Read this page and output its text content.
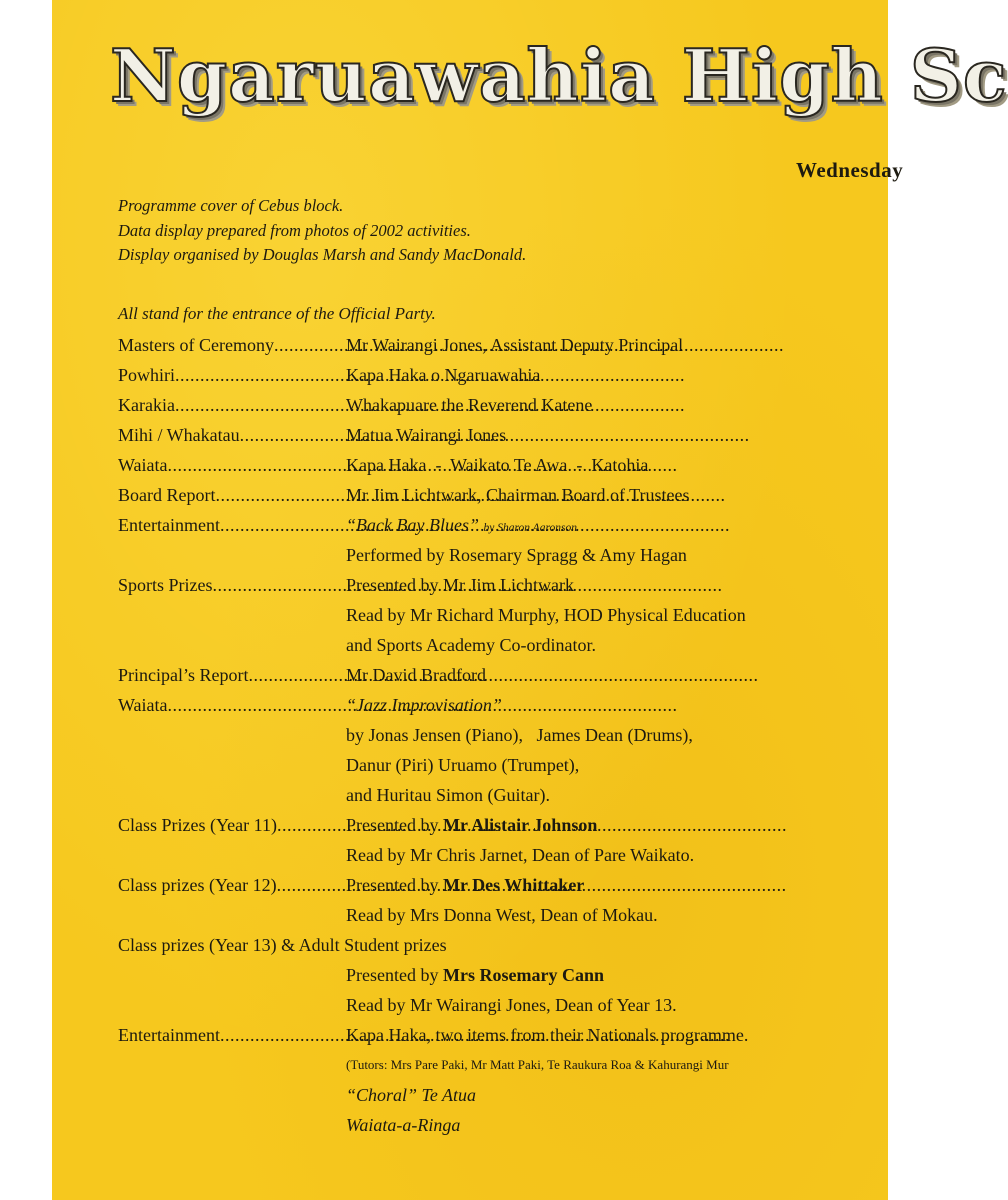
Ngaruawahia High Sc
Wednesday
Programme cover of Cebus block.
Data display prepared from photos of 2002 activities.
Display organised by Douglas Marsh and Sandy MacDonald.
All stand for the entrance of the Official Party.
Masters of Ceremony .....	Mr Wairangi Jones, Assistant Deputy Principal
Powhiri .....	Kapa Haka o Ngaruawahia
Karakia .....	Whakapuare the Reverend Katene
Mihi / Whakatau .....	Matua Wairangi Jones
Waiata .....	Kapa Haka  -  Waikato Te Awa  -  Katohia
Board Report .....	Mr Jim Lichtwark, Chairman Board of Trustees
Entertainment .....	“Back Bay Blues” by Sharon Aaronson
Performed by Rosemary Spragg & Amy Hagan
Sports Prizes .....	Presented by Mr Jim Lichtwark
Read by Mr Richard Murphy, HOD Physical Education
and Sports Academy Co-ordinator.
Principal’s Report .....	Mr David Bradford
Waiata .....	“Jazz Improvisation”
by Jonas Jensen (Piano),   James Dean (Drums),
Danur (Piri) Uruamo (Trumpet),
and Huritau Simon (Guitar).
Class Prizes (Year 11) .....	Presented by Mr Alistair Johnson
Read by Mr Chris Jarnet, Dean of Pare Waikato.
Class prizes (Year 12) .....	Presented by Mr Des Whittaker
Read by Mrs Donna West, Dean of Mokau.
Class prizes (Year 13) & Adult Student prizes
Presented by Mrs Rosemary Cann
Read by Mr Wairangi Jones, Dean of Year 13.
Entertainment .....	Kapa Haka, two items from their Nationals programme.
(Tutors: Mrs Pare Paki, Mr Matt Paki, Te Raukura Roa & Kahurangi Mur
“Choral” Te Atua
Waiata-a-Ringa
